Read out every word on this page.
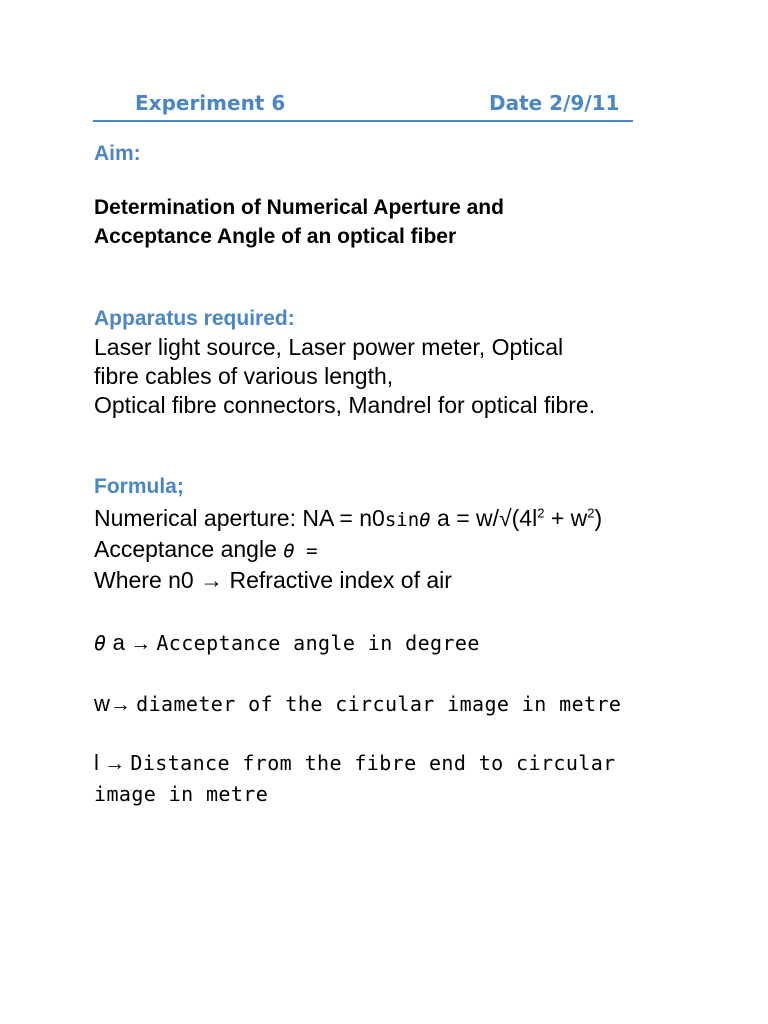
Experiment 6	Date 2/9/11
Aim:
Determination of Numerical Aperture and
Acceptance Angle of an optical fiber
Apparatus required:
Laser light source, Laser power meter, Optical
fibre cables of various length,
Optical fibre connectors, Mandrel for optical fibre.
Formula;
Numerical aperture: NA = n0sinθ $a = w/√(4l^2 + w^2)$
Acceptance angle θ =
Where n0 → Refractive index of air
θ a → Acceptance angle in degree
w→ diameter of the circular image in metre
l → Distance from the fibre end to circular
image in metre
